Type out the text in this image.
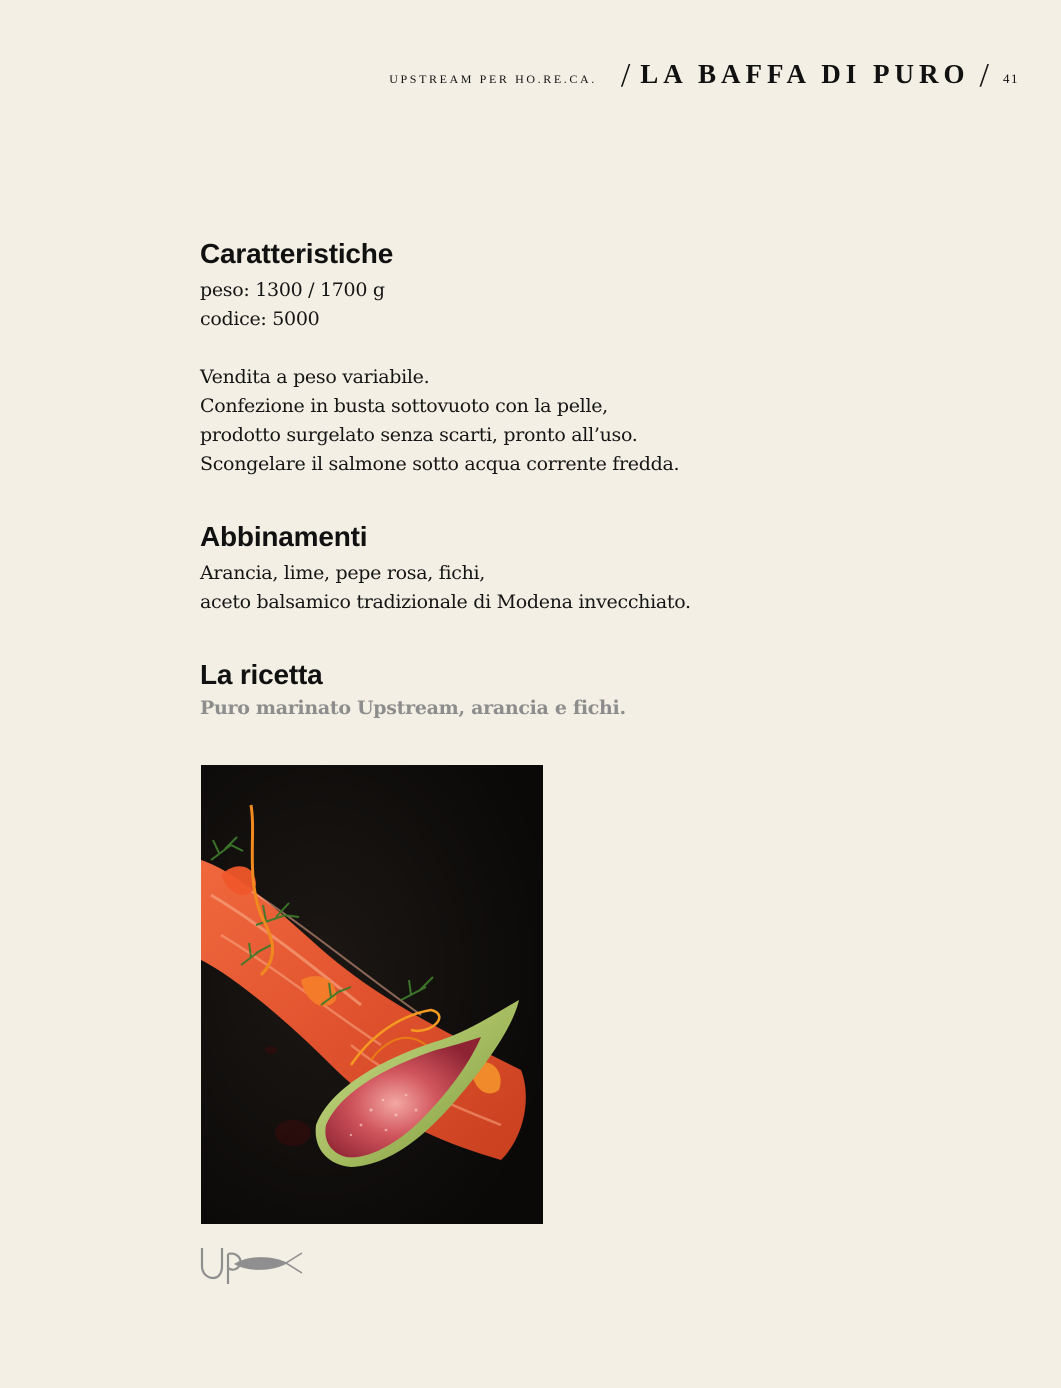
UPSTREAM PER HO.RE.CA. / LA BAFFA DI PURO / 41
Caratteristiche
peso: 1300 / 1700 g
codice: 5000
Vendita a peso variabile.
Confezione in busta sottovuoto con la pelle,
prodotto surgelato senza scarti, pronto all’uso.
Scongelare il salmone sotto acqua corrente fredda.
Abbinamenti
Arancia, lime, pepe rosa, fichi,
aceto balsamico tradizionale di Modena invecchiato.
La ricetta
Puro marinato Upstream, arancia e fichi.
